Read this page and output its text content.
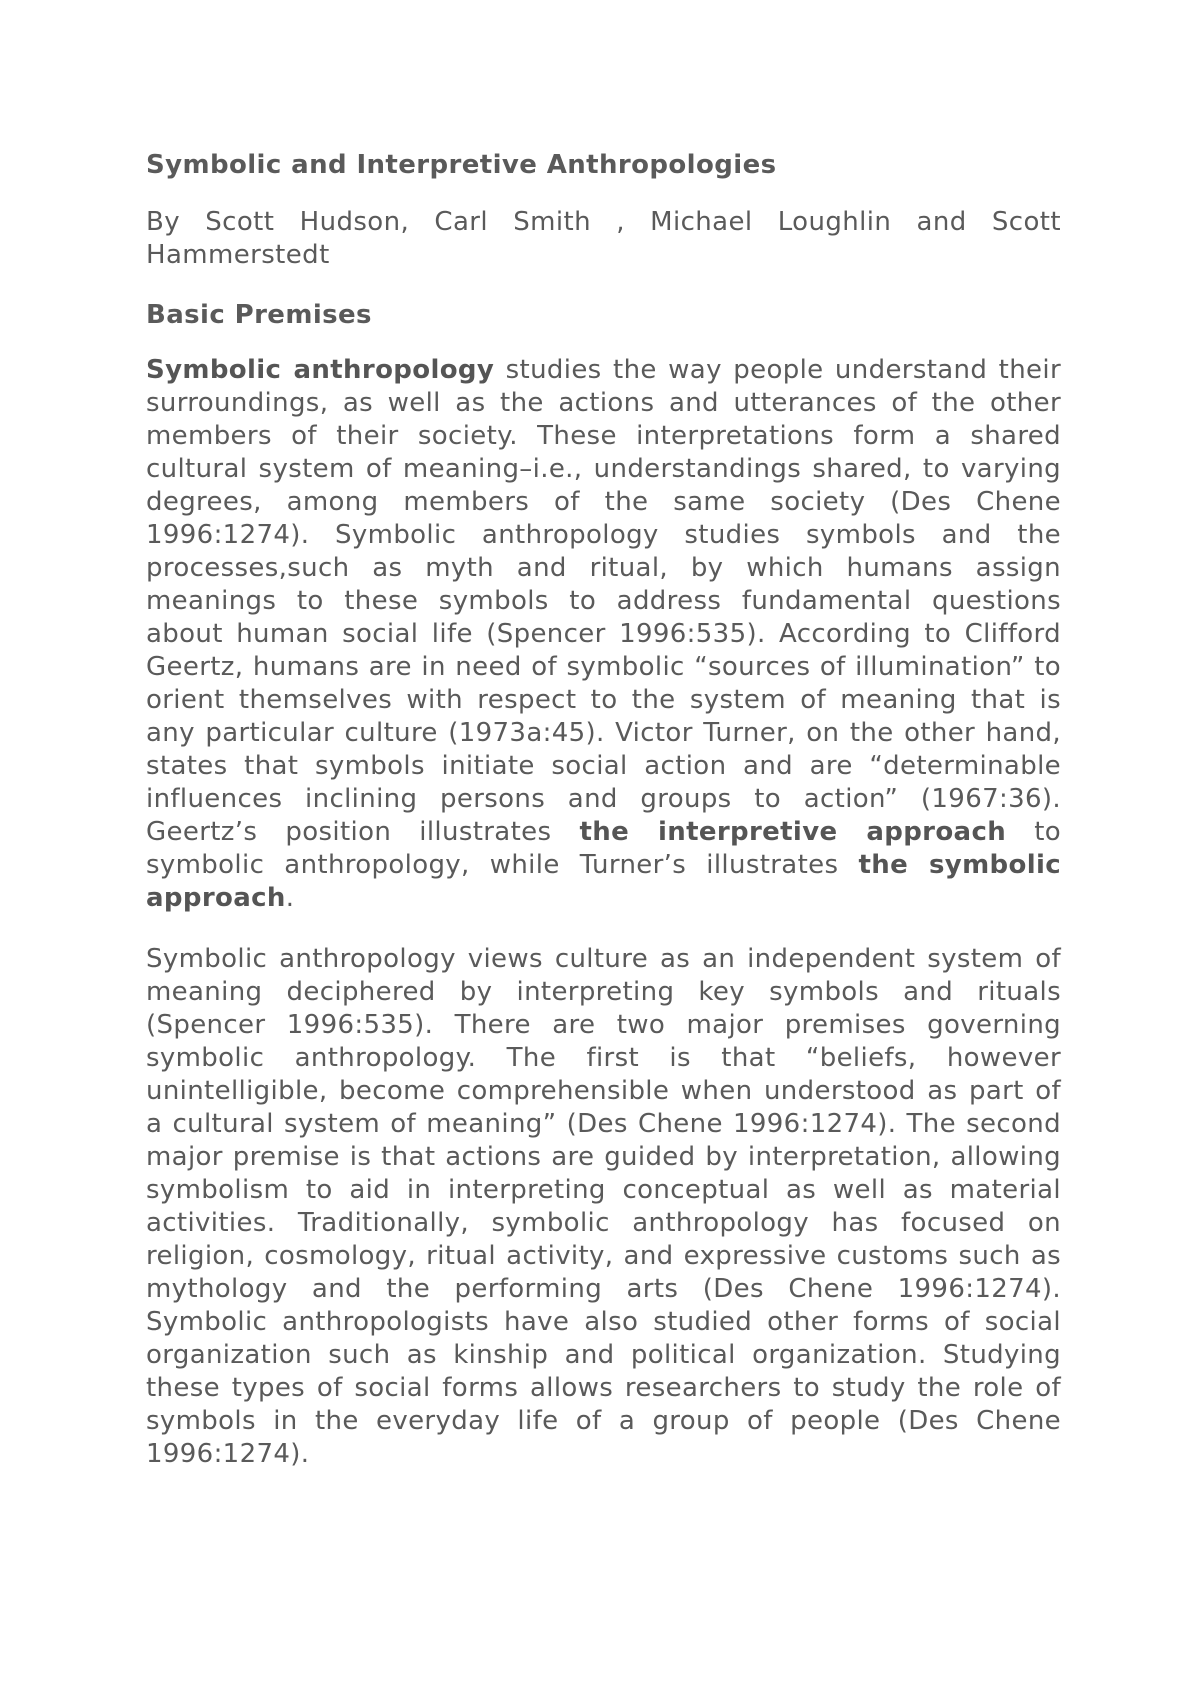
Symbolic and Interpretive Anthropologies
By Scott Hudson, Carl Smith , Michael Loughlin and Scott Hammerstedt
Basic Premises

Symbolic anthropology studies the way people understand their surroundings, as well as the actions and utterances of the other members of their society. These interpretations form a shared cultural system of meaning–i.e., understandings shared, to varying degrees, among members of the same society (Des Chene 1996:1274). Symbolic anthropology studies symbols and the processes,such as myth and ritual, by which humans assign meanings to these symbols to address fundamental questions about human social life (Spencer 1996:535). According to Clifford Geertz, humans are in need of symbolic “sources of illumination” to orient themselves with respect to the system of meaning that is any particular culture (1973a:45). Victor Turner, on the other hand, states that symbols initiate social action and are “determinable influences inclining persons and groups to action” (1967:36). Geertz’s position illustrates the interpretive approach to symbolic anthropology, while Turner’s illustrates the symbolic approach.

Symbolic anthropology views culture as an independent system of meaning deciphered by interpreting key symbols and rituals (Spencer 1996:535). There are two major premises governing symbolic anthropology. The first is that “beliefs, however unintelligible, become comprehensible when understood as part of a cultural system of meaning” (Des Chene 1996:1274). The second major premise is that actions are guided by interpretation, allowing symbolism to aid in interpreting conceptual as well as material activities. Traditionally, symbolic anthropology has focused on religion, cosmology, ritual activity, and expressive customs such as mythology and the performing arts (Des Chene 1996:1274). Symbolic anthropologists have also studied other forms of social organization such as kinship and political organization. Studying these types of social forms allows researchers to study the role of symbols in the everyday life of a group of people (Des Chene 1996:1274).
